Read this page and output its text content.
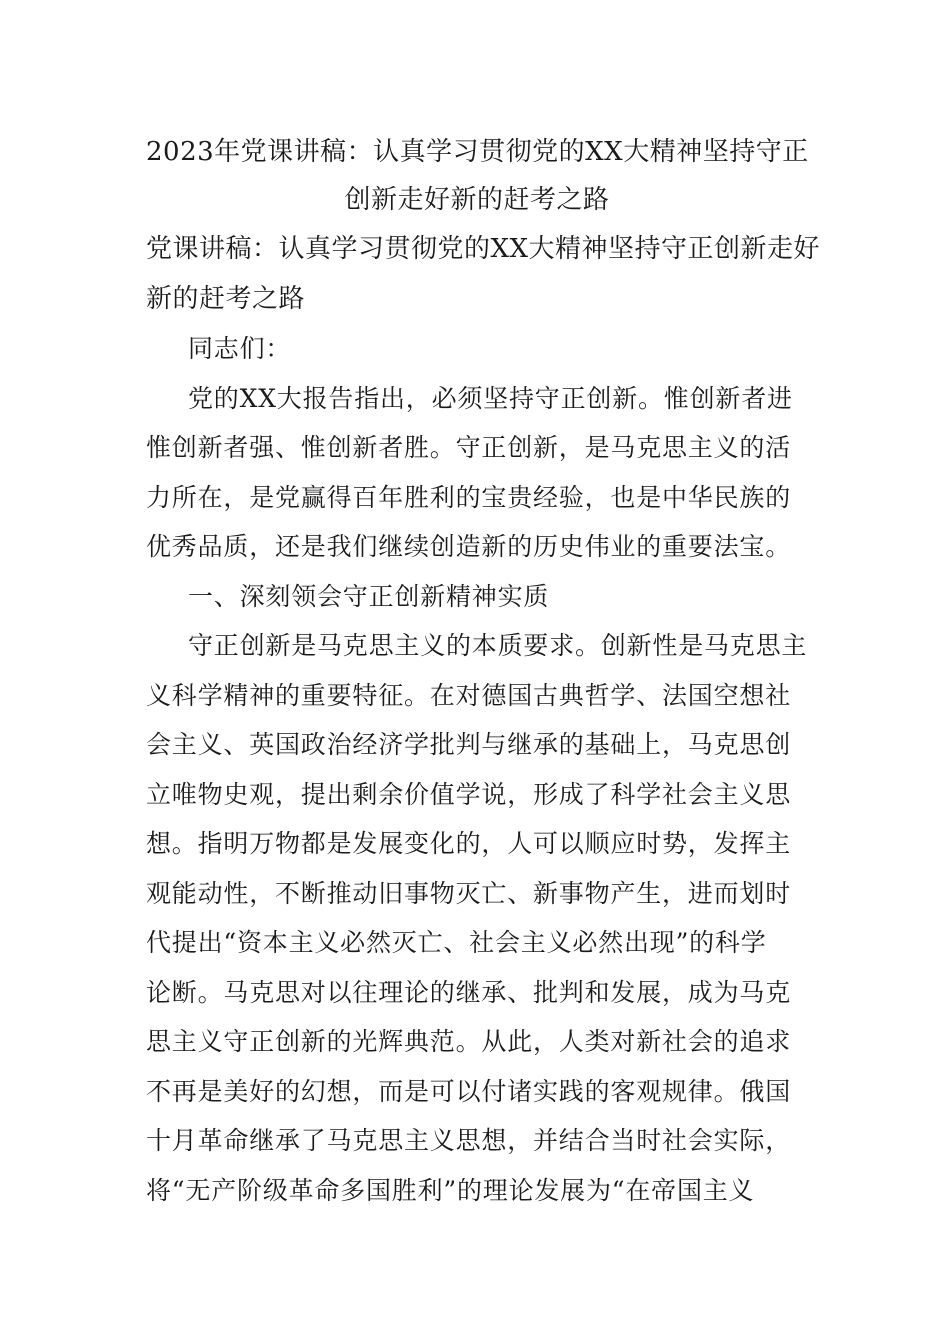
2023年党课讲稿：认真学习贯彻党的XX大精神坚持守正
创新走好新的赶考之路
党课讲稿：认真学习贯彻党的XX大精神坚持守正创新走好
新的赶考之路

同志们：

党的XX大报告指出，必须坚持守正创新。惟创新者进
惟创新者强、惟创新者胜。守正创新，是马克思主义的活
力所在，是党赢得百年胜利的宝贵经验，也是中华民族的
优秀品质，还是我们继续创造新的历史伟业的重要法宝。

一、深刻领会守正创新精神实质

守正创新是马克思主义的本质要求。创新性是马克思主
义科学精神的重要特征。在对德国古典哲学、法国空想社
会主义、英国政治经济学批判与继承的基础上，马克思创
立唯物史观，提出剩余价值学说，形成了科学社会主义思
想。指明万物都是发展变化的，人可以顺应时势，发挥主
观能动性，不断推动旧事物灭亡、新事物产生，进而划时
代提出“资本主义必然灭亡、社会主义必然出现”的科学
论断。马克思对以往理论的继承、批判和发展，成为马克
思主义守正创新的光辉典范。从此，人类对新社会的追求
不再是美好的幻想，而是可以付诸实践的客观规律。俄国
十月革命继承了马克思主义思想，并结合当时社会实际，
将“无产阶级革命多国胜利”的理论发展为“在帝国主义
